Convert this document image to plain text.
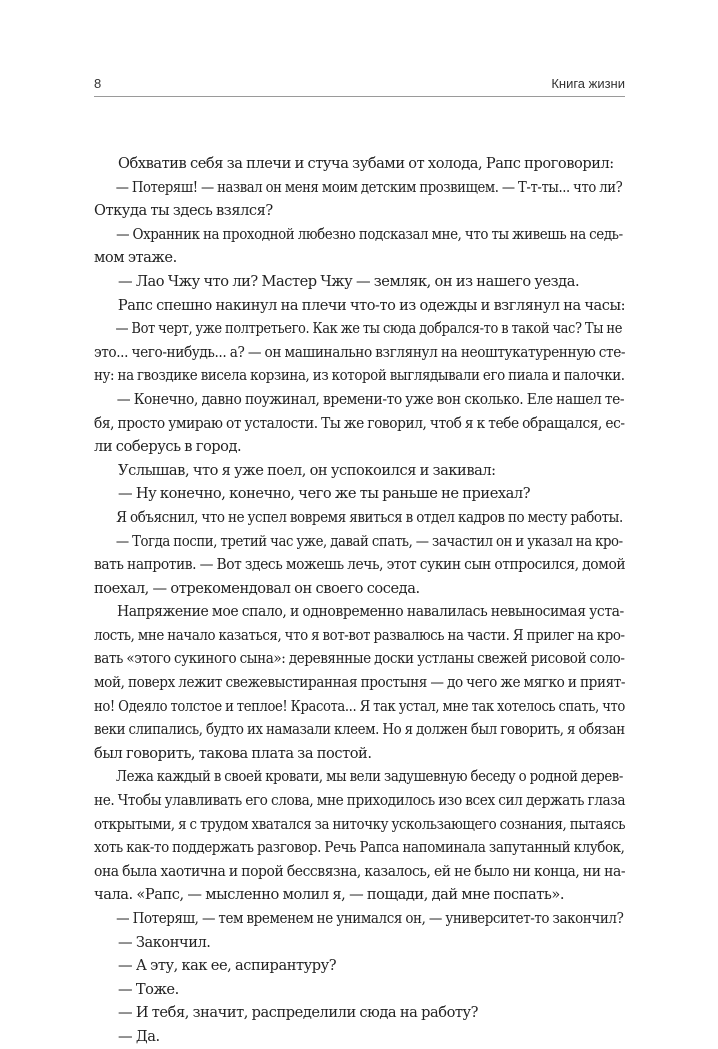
8	Книга жизни
Обхватив себя за плечи и стуча зубами от холода, Рапс проговорил:
— Потеряш! — назвал он меня моим детским прозвищем. — Т-т-ты... что ли?
Откуда ты здесь взялся?
— Охранник на проходной любезно подсказал мне, что ты живешь на седь-
мом этаже.
— Лао Чжу что ли? Мастер Чжу — земляк, он из нашего уезда.
Рапс спешно накинул на плечи что-то из одежды и взглянул на часы:
— Вот черт, уже полтретьего. Как же ты сюда добрался-то в такой час? Ты не
это... чего-нибудь... а? — он машинально взглянул на неоштукатуренную сте-
ну: на гвоздике висела корзина, из которой выглядывали его пиала и палочки.
— Конечно, давно поужинал, времени-то уже вон сколько. Еле нашел те-
бя, просто умираю от усталости. Ты же говорил, чтоб я к тебе обращался, ес-
ли соберусь в город.
Услышав, что я уже поел, он успокоился и закивал:
— Ну конечно, конечно, чего же ты раньше не приехал?
Я объяснил, что не успел вовремя явиться в отдел кадров по месту работы.
— Тогда поспи, третий час уже, давай спать, — зачастил он и указал на кро-
вать напротив. — Вот здесь можешь лечь, этот сукин сын отпросился, домой
поехал, — отрекомендовал он своего соседа.
Напряжение мое спало, и одновременно навалилась невыносимая уста-
лость, мне начало казаться, что я вот-вот развалюсь на части. Я прилег на кро-
вать «этого сукиного сына»: деревянные доски устланы свежей рисовой соло-
мой, поверх лежит свежевыстиранная простыня — до чего же мягко и прият-
но! Одеяло толстое и теплое! Красота... Я так устал, мне так хотелось спать, что
веки слипались, будто их намазали клеем. Но я должен был говорить, я обязан
был говорить, такова плата за постой.
Лежа каждый в своей кровати, мы вели задушевную беседу о родной дерев-
не. Чтобы улавливать его слова, мне приходилось изо всех сил держать глаза
открытыми, я с трудом хватался за ниточку ускользающего сознания, пытаясь
хоть как-то поддержать разговор. Речь Рапса напоминала запутанный клубок,
она была хаотична и порой бессвязна, казалось, ей не было ни конца, ни на-
чала. «Рапс, — мысленно молил я, — пощади, дай мне поспать».
— Потеряш, — тем временем не унимался он, — университет-то закончил?
— Закончил.
— А эту, как ее, аспирантуру?
— Тоже.
— И тебя, значит, распределили сюда на работу?
— Да.
